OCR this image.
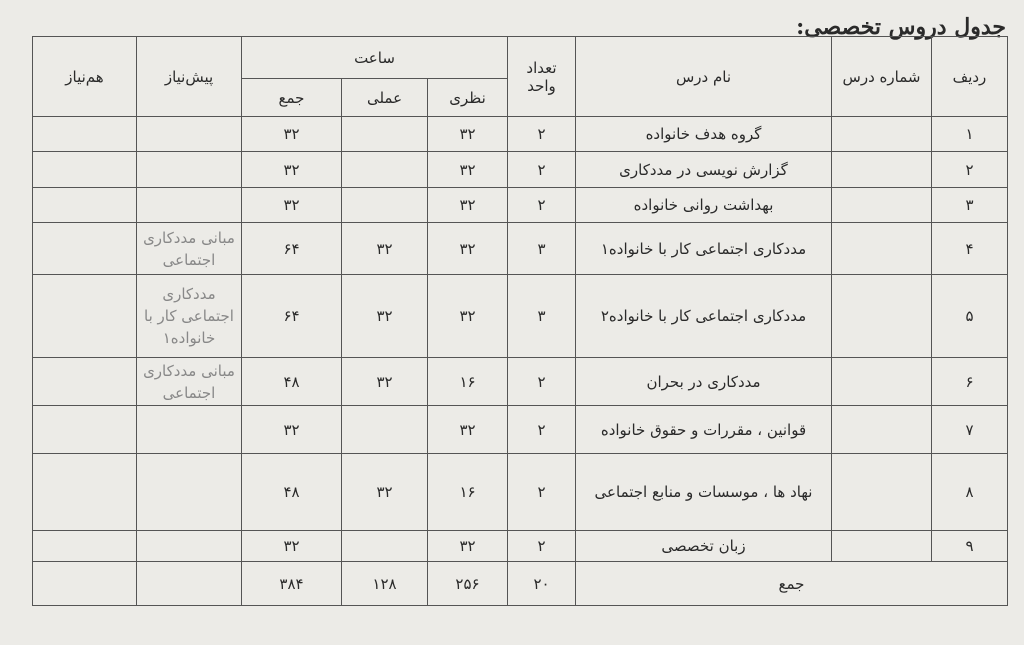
جدول دروس تخصصی:
ردیف	شماره درس	نام درس	تعداد واحد	ساعت			پیش‌نیاز	هم‌نیاز
				نظری	عملی	جمع		
۱		گروه هدف خانواده	۲	۳۲		۳۲		
۲		گزارش نویسی در مددکاری	۲	۳۲		۳۲		
۳		بهداشت روانی خانواده	۲	۳۲		۳۲		
۴		مددکاری اجتماعی کار با خانواده۱	۳	۳۲	۳۲	۶۴	مبانی مددکاری اجتماعی	
۵		مددکاری اجتماعی کار با خانواده۲	۳	۳۲	۳۲	۶۴	مددکاری اجتماعی کار با خانواده۱	
۶		مددکاری در بحران	۲	۱۶	۳۲	۴۸	مبانی مددکاری اجتماعی	
۷		قوانین ، مقررات و حقوق خانواده	۲	۳۲		۳۲		
۸		نهاد ها ، موسسات و منابع اجتماعی	۲	۱۶	۳۲	۴۸		
۹		زبان تخصصی	۲	۳۲		۳۲		
جمع			۲۰	۲۵۶	۱۲۸	۳۸۴		
